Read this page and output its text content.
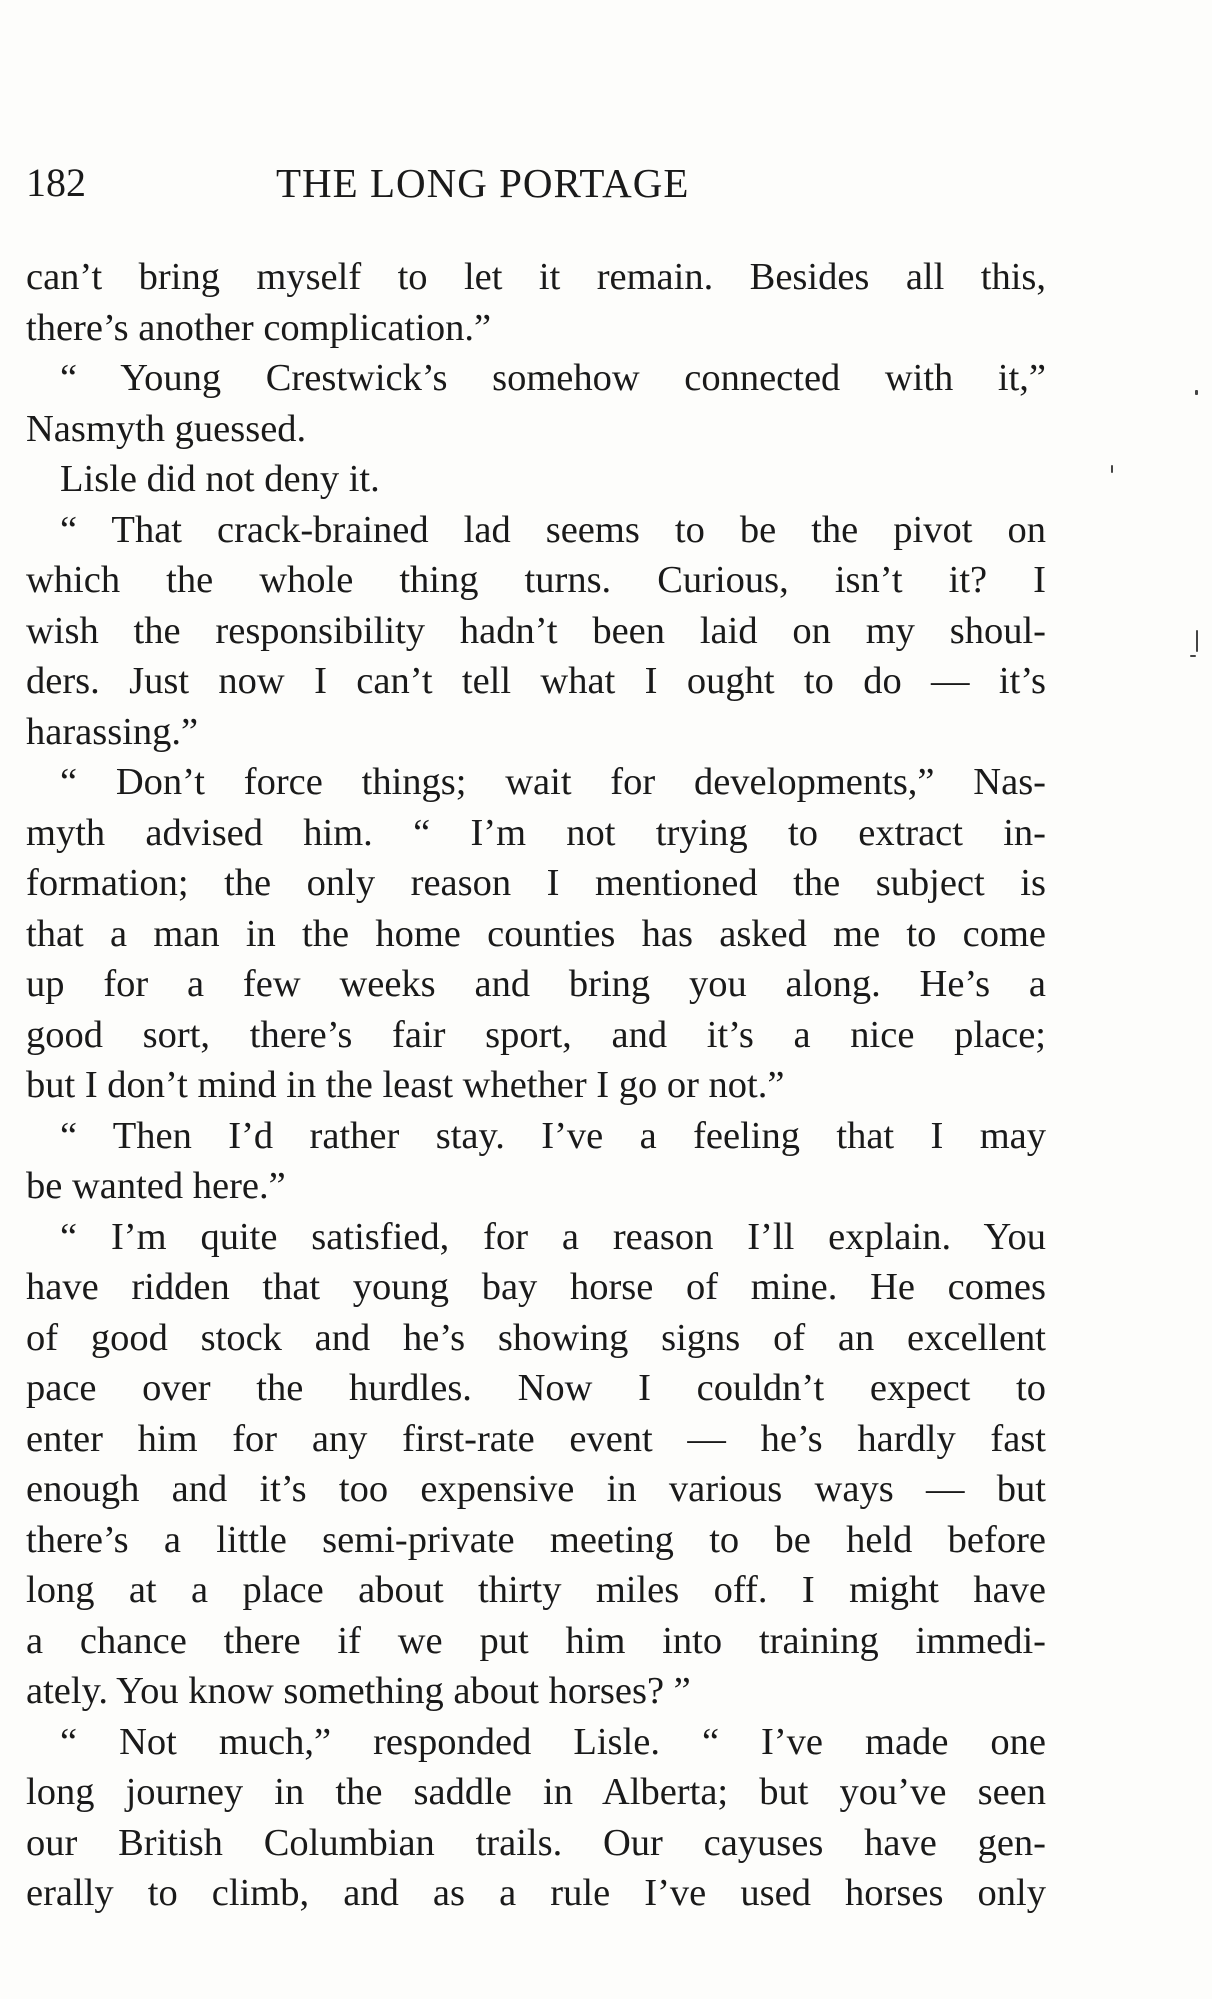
182	THE LONG PORTAGE
can’t bring myself to let it remain. Besides all this,
there’s another complication.”
“ Young Crestwick’s somehow connected with it,”
Nasmyth guessed.
Lisle did not deny it.
“ That crack-brained lad seems to be the pivot on
which the whole thing turns. Curious, isn’t it? I
wish the responsibility hadn’t been laid on my shoul-
ders. Just now I can’t tell what I ought to do — it’s
harassing.”
“ Don’t force things; wait for developments,” Nas-
myth advised him. “ I’m not trying to extract in-
formation; the only reason I mentioned the subject is
that a man in the home counties has asked me to come
up for a few weeks and bring you along. He’s a
good sort, there’s fair sport, and it’s a nice place;
but I don’t mind in the least whether I go or not.”
“ Then I’d rather stay. I’ve a feeling that I may
be wanted here.”
“ I’m quite satisfied, for a reason I’ll explain. You
have ridden that young bay horse of mine. He comes
of good stock and he’s showing signs of an excellent
pace over the hurdles. Now I couldn’t expect to
enter him for any first-rate event — he’s hardly fast
enough and it’s too expensive in various ways — but
there’s a little semi-private meeting to be held before
long at a place about thirty miles off. I might have
a chance there if we put him into training immedi-
ately. You know something about horses? ”
“ Not much,” responded Lisle. “ I’ve made one
long journey in the saddle in Alberta; but you’ve seen
our British Columbian trails. Our cayuses have gen-
erally to climb, and as a rule I’ve used horses only
